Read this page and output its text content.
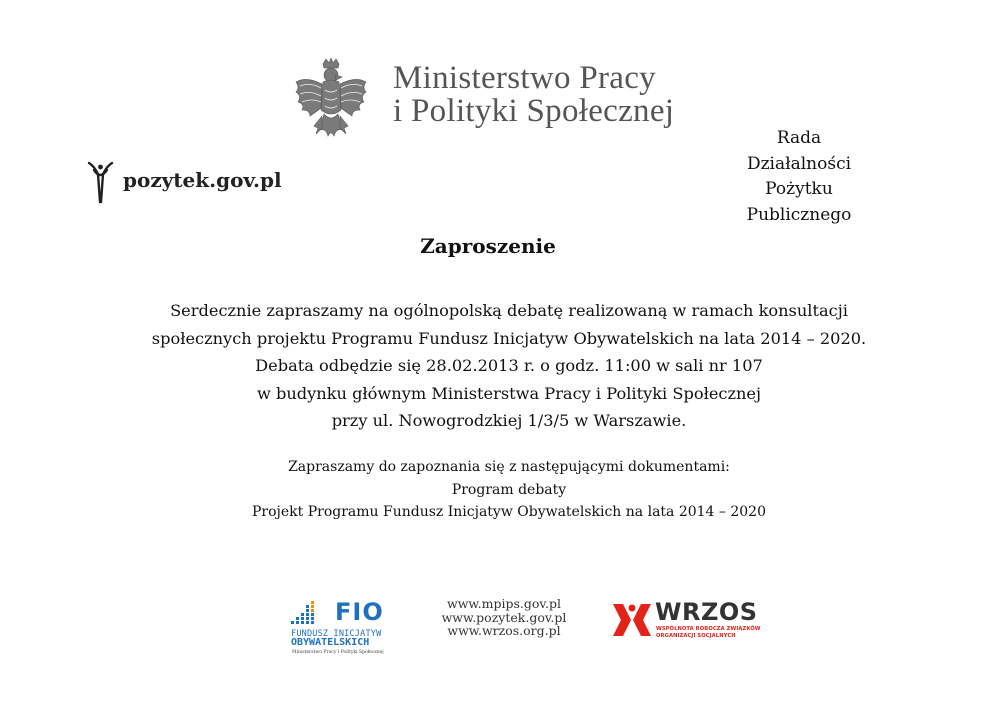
Ministerstwo Pracy
i Polityki Społecznej
pozytek.gov.pl
Rada
Działalności
Pożytku
Publicznego
Zaproszenie
Serdecznie zapraszamy na ogólnopolską debatę realizowaną w ramach konsultacji
społecznych projektu Programu Fundusz Inicjatyw Obywatelskich na lata 2014 – 2020.
Debata odbędzie się 28.02.2013 r. o godz. 11:00 w sali nr 107
w budynku głównym Ministerstwa Pracy i Polityki Społecznej
przy ul. Nowogrodzkiej 1/3/5 w Warszawie.
Zapraszamy do zapoznania się z następującymi dokumentami:
Program debaty
Projekt Programu Fundusz Inicjatyw Obywatelskich na lata 2014 – 2020
FIO
FUNDUSZ INICJATYW
OBYWATELSKICH
Ministerstwo Pracy i Polityki Społecznej
www.mpips.gov.pl
www.pozytek.gov.pl
www.wrzos.org.pl
WRZOS
WSPÓLNOTA ROBOCZA ZWIĄZKÓW
ORGANIZACJI SOCJALNYCH
